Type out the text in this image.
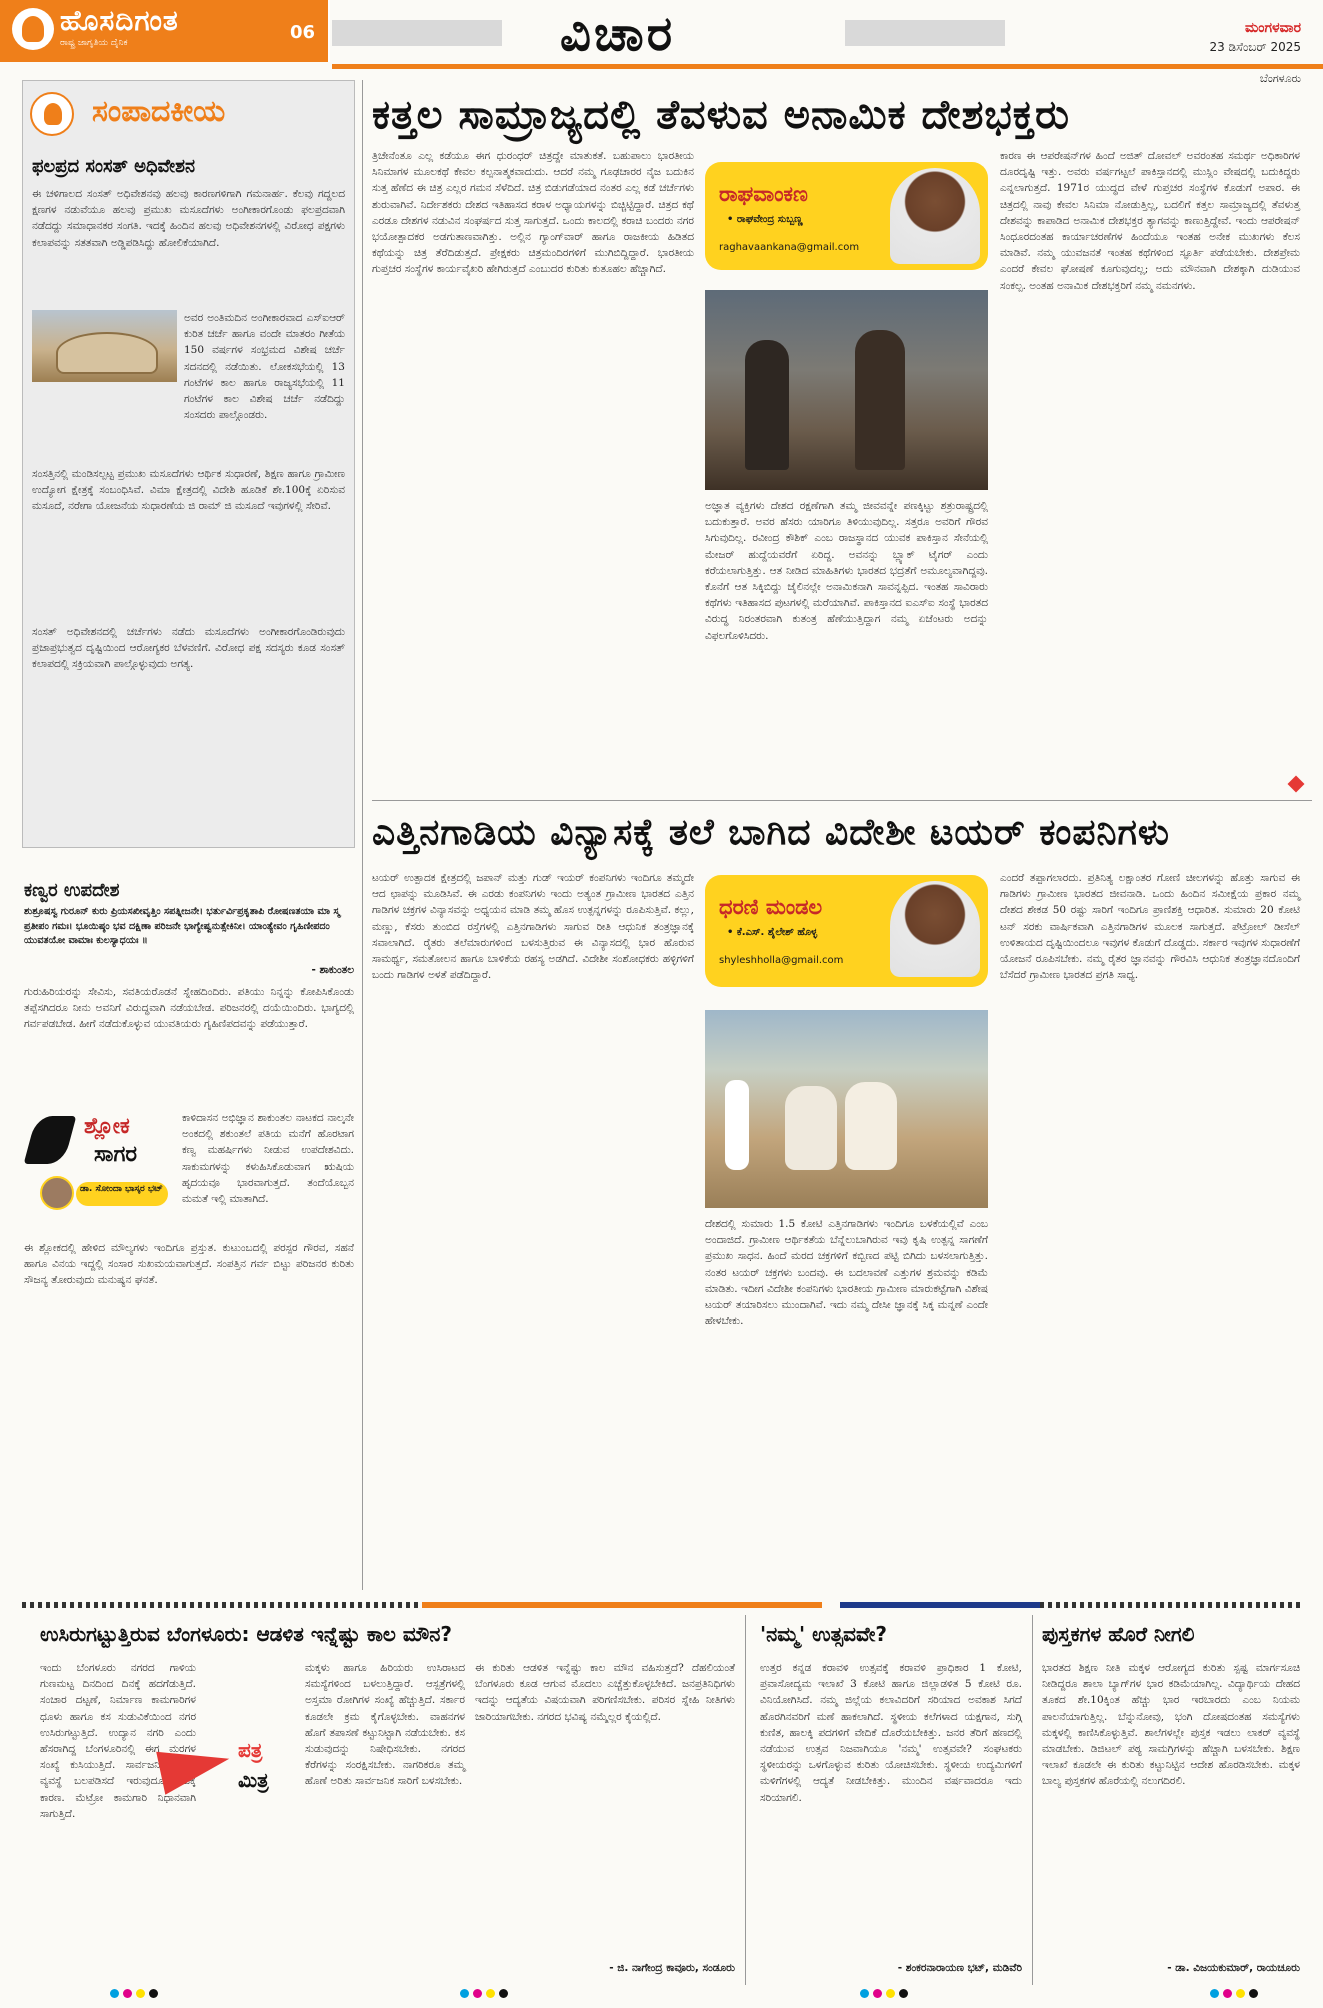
ಹೊಸದಿಗಂತ
ರಾಷ್ಟ್ರ ಜಾಗೃತಿಯ ದೈನಿಕ	06	ವಿಚಾರ	ಮಂಗಳವಾರ
23 ಡಿಸೆಂಬರ್ 2025
ಬೆಂಗಳೂರು
ಸಂಪಾದಕೀಯ
ಫಲಪ್ರದ ಸಂಸತ್ ಅಧಿವೇಶನ
ಈ ಚಳಿಗಾಲದ ಸಂಸತ್ ಅಧಿವೇಶನವು ಹಲವು ಕಾರಣಗಳಿಗಾಗಿ ಗಮನಾರ್ಹ. ಕೆಲವು ಗದ್ದಲದ ಕ್ಷಣಗಳ ನಡುವೆಯೂ ಹಲವು ಪ್ರಮುಖ ಮಸೂದೆಗಳು ಅಂಗೀಕಾರಗೊಂಡು ಫಲಪ್ರದವಾಗಿ ನಡೆದದ್ದು ಸಮಾಧಾನಕರ ಸಂಗತಿ. ಇದಕ್ಕೆ ಹಿಂದಿನ ಹಲವು ಅಧಿವೇಶನಗಳಲ್ಲಿ ವಿರೋಧ ಪಕ್ಷಗಳು ಕಲಾಪವನ್ನು ಸತತವಾಗಿ ಅಡ್ಡಿಪಡಿಸಿದ್ದು ಹೋಲಿಕೆಯಾಗಿದೆ.
ಅವರ ಅಂತಿಮದಿನ ಅಂಗೀಕಾರವಾದ ಎಸ್‌ಐಆರ್ ಕುರಿತ ಚರ್ಚೆ ಹಾಗೂ ವಂದೇ ಮಾತರಂ ಗೀತೆಯ 150 ವರ್ಷಗಳ ಸಂಭ್ರಮದ ವಿಶೇಷ ಚರ್ಚೆ ಸದನದಲ್ಲಿ ನಡೆಯಿತು. ಲೋಕಸಭೆಯಲ್ಲಿ 13 ಗಂಟೆಗಳ ಕಾಲ ಹಾಗೂ ರಾಜ್ಯಸಭೆಯಲ್ಲಿ 11 ಗಂಟೆಗಳ ಕಾಲ ವಿಶೇಷ ಚರ್ಚೆ ನಡೆದಿದ್ದು ಸಂಸದರು ಪಾಲ್ಗೊಂಡರು.
ಸಂಸತ್ತಿನಲ್ಲಿ ಮಂಡಿಸಲ್ಪಟ್ಟ ಪ್ರಮುಖ ಮಸೂದೆಗಳು ಆರ್ಥಿಕ ಸುಧಾರಣೆ, ಶಿಕ್ಷಣ ಹಾಗೂ ಗ್ರಾಮೀಣ ಉದ್ಯೋಗ ಕ್ಷೇತ್ರಕ್ಕೆ ಸಂಬಂಧಿಸಿವೆ. ವಿಮಾ ಕ್ಷೇತ್ರದಲ್ಲಿ ವಿದೇಶಿ ಹೂಡಿಕೆ ಶೇ.100ಕ್ಕೆ ಏರಿಸುವ ಮಸೂದೆ, ನರೇಗಾ ಯೋಜನೆಯ ಸುಧಾರಣೆಯ ಜಿ ರಾಮ್ ಜಿ ಮಸೂದೆ ಇವುಗಳಲ್ಲಿ ಸೇರಿವೆ.
ಸಂಸತ್ ಅಧಿವೇಶನದಲ್ಲಿ ಚರ್ಚೆಗಳು ನಡೆದು ಮಸೂದೆಗಳು ಅಂಗೀಕಾರಗೊಂಡಿರುವುದು ಪ್ರಜಾಪ್ರಭುತ್ವದ ದೃಷ್ಟಿಯಿಂದ ಆರೋಗ್ಯಕರ ಬೆಳವಣಿಗೆ. ವಿರೋಧ ಪಕ್ಷ ಸದಸ್ಯರು ಕೂಡ ಸಂಸತ್ ಕಲಾಪದಲ್ಲಿ ಸಕ್ರಿಯವಾಗಿ ಪಾಲ್ಗೊಳ್ಳುವುದು ಅಗತ್ಯ.
ಕಣ್ವರ ಉಪದೇಶ
ಶುಶ್ರೂಷಸ್ವ ಗುರೂನ್ ಕುರು ಪ್ರಿಯಸಖೀವೃತ್ತಿಂ ಸಪತ್ನೀಜನೇ। ಭರ್ತುರ್ವಿಪ್ರಕೃತಾಪಿ ರೋಷಣತಯಾ ಮಾ ಸ್ಮ ಪ್ರತೀಪಂ ಗಮಃ। ಭೂಯಿಷ್ಠಂ ಭವ ದಕ್ಷಿಣಾ ಪರಿಜನೇ ಭಾಗ್ಯೇಷ್ವನುತ್ಸೇಕಿನೀ। ಯಾಂತ್ಯೇವಂ ಗೃಹಿಣೀಪದಂ ಯುವತಯೋ ವಾಮಾಃ ಕುಲಸ್ಯಾಧಯಃ ॥
- ಶಾಕುಂತಲ
ಗುರುಹಿರಿಯರನ್ನು ಸೇವಿಸು, ಸವತಿಯರೊಡನೆ ಸ್ನೇಹದಿಂದಿರು. ಪತಿಯು ನಿನ್ನನ್ನು ಕೋಪಿಸಿಕೊಂಡು ತಪ್ಪೆಸಗಿದರೂ ನೀನು ಅವನಿಗೆ ವಿರುದ್ಧವಾಗಿ ನಡೆಯಬೇಡ. ಪರಿಜನರಲ್ಲಿ ದಯೆಯಿಂದಿರು. ಭಾಗ್ಯದಲ್ಲಿ ಗರ್ವಪಡಬೇಡ. ಹೀಗೆ ನಡೆದುಕೊಳ್ಳುವ ಯುವತಿಯರು ಗೃಹಿಣಿಪದವನ್ನು ಪಡೆಯುತ್ತಾರೆ.
ಶ್ಲೋಕ
ಸಾಗರ
ಡಾ. ಸೋಂದಾ ಭಾಸ್ಕರ ಭಟ್
ಕಾಳಿದಾಸನ ಅಭಿಜ್ಞಾನ ಶಾಕುಂತಲ ನಾಟಕದ ನಾಲ್ಕನೇ ಅಂಕದಲ್ಲಿ ಶಕುಂತಲೆ ಪತಿಯ ಮನೆಗೆ ಹೊರಟಾಗ ಕಣ್ವ ಮಹರ್ಷಿಗಳು ನೀಡುವ ಉಪದೇಶವಿದು. ಸಾಕುಮಗಳನ್ನು ಕಳುಹಿಸಿಕೊಡುವಾಗ ಋಷಿಯ ಹೃದಯವೂ ಭಾರವಾಗುತ್ತದೆ. ತಂದೆಯೊಬ್ಬನ ಮಮತೆ ಇಲ್ಲಿ ಮಾತಾಗಿದೆ.
ಈ ಶ್ಲೋಕದಲ್ಲಿ ಹೇಳಿದ ಮೌಲ್ಯಗಳು ಇಂದಿಗೂ ಪ್ರಸ್ತುತ. ಕುಟುಂಬದಲ್ಲಿ ಪರಸ್ಪರ ಗೌರವ, ಸಹನೆ ಹಾಗೂ ವಿನಯ ಇದ್ದಲ್ಲಿ ಸಂಸಾರ ಸುಖಮಯವಾಗುತ್ತದೆ. ಸಂಪತ್ತಿನ ಗರ್ವ ಬಿಟ್ಟು ಪರಿಜನರ ಕುರಿತು ಸೌಜನ್ಯ ತೋರುವುದು ಮನುಷ್ಯನ ಘನತೆ.
ಕತ್ತಲ ಸಾಮ್ರಾಜ್ಯದಲ್ಲಿ ತೆವಳುವ ಅನಾಮಿಕ ದೇಶಭಕ್ತರು
ತ್ರಿಚೇನೆಂತೂ ಎಲ್ಲ ಕಡೆಯೂ ಈಗ ಧುರಂಧರ್ ಚಿತ್ರದ್ದೇ ಮಾತುಕತೆ. ಬಹುಪಾಲು ಭಾರತೀಯ ಸಿನಿಮಾಗಳ ಮೂಲಕಥೆ ಕೇವಲ ಕಲ್ಪನಾತ್ಮಕವಾದುದು. ಆದರೆ ನಮ್ಮ ಗೂಢಚಾರರ ನೈಜ ಬದುಕಿನ ಸುತ್ತ ಹೆಣೆದ ಈ ಚಿತ್ರ ಎಲ್ಲರ ಗಮನ ಸೆಳೆದಿದೆ. ಚಿತ್ರ ಬಿಡುಗಡೆಯಾದ ನಂತರ ಎಲ್ಲ ಕಡೆ ಚರ್ಚೆಗಳು ಶುರುವಾಗಿವೆ. ನಿರ್ದೇಶಕರು ದೇಶದ ಇತಿಹಾಸದ ಕರಾಳ ಅಧ್ಯಾಯಗಳನ್ನು ಬಿಚ್ಚಿಟ್ಟಿದ್ದಾರೆ. ಚಿತ್ರದ ಕಥೆ ಎರಡೂ ದೇಶಗಳ ನಡುವಿನ ಸಂಘರ್ಷದ ಸುತ್ತ ಸಾಗುತ್ತದೆ. ಒಂದು ಕಾಲದಲ್ಲಿ ಕರಾಚಿ ಬಂದರು ನಗರ ಭಯೋತ್ಪಾದಕರ ಅಡಗುತಾಣವಾಗಿತ್ತು. ಅಲ್ಲಿನ ಗ್ಯಾಂಗ್‌ವಾರ್ ಹಾಗೂ ರಾಜಕೀಯ ಹಿಡಿತದ ಕಥೆಯನ್ನು ಚಿತ್ರ ತೆರೆದಿಡುತ್ತದೆ. ಪ್ರೇಕ್ಷಕರು ಚಿತ್ರಮಂದಿರಗಳಿಗೆ ಮುಗಿಬಿದ್ದಿದ್ದಾರೆ. ಭಾರತೀಯ ಗುಪ್ತಚರ ಸಂಸ್ಥೆಗಳ ಕಾರ್ಯವೈಖರಿ ಹೇಗಿರುತ್ತದೆ ಎಂಬುದರ ಕುರಿತು ಕುತೂಹಲ ಹೆಚ್ಚಾಗಿದೆ.
ರಾಘವಾಂಕಣ
• ರಾಘವೇಂದ್ರ ಸುಬ್ಬಣ್ಣ
raghavaankana@gmail.com
ಅಜ್ಞಾತ ವ್ಯಕ್ತಿಗಳು ದೇಶದ ರಕ್ಷಣೆಗಾಗಿ ತಮ್ಮ ಜೀವವನ್ನೇ ಪಣಕ್ಕಿಟ್ಟು ಶತ್ರುರಾಷ್ಟ್ರದಲ್ಲಿ ಬದುಕುತ್ತಾರೆ. ಅವರ ಹೆಸರು ಯಾರಿಗೂ ತಿಳಿಯುವುದಿಲ್ಲ. ಸತ್ತರೂ ಅವರಿಗೆ ಗೌರವ ಸಿಗುವುದಿಲ್ಲ. ರವೀಂದ್ರ ಕೌಶಿಕ್ ಎಂಬ ರಾಜಸ್ಥಾನದ ಯುವಕ ಪಾಕಿಸ್ತಾನ ಸೇನೆಯಲ್ಲಿ ಮೇಜರ್ ಹುದ್ದೆಯವರೆಗೆ ಏರಿದ್ದ. ಅವನನ್ನು ಬ್ಲ್ಯಾಕ್ ಟೈಗರ್ ಎಂದು ಕರೆಯಲಾಗುತ್ತಿತ್ತು. ಆತ ನೀಡಿದ ಮಾಹಿತಿಗಳು ಭಾರತದ ಭದ್ರತೆಗೆ ಅಮೂಲ್ಯವಾಗಿದ್ದವು. ಕೊನೆಗೆ ಆತ ಸಿಕ್ಕಿಬಿದ್ದು ಜೈಲಿನಲ್ಲೇ ಅನಾಮಿಕನಾಗಿ ಸಾವನ್ನಪ್ಪಿದ. ಇಂತಹ ಸಾವಿರಾರು ಕಥೆಗಳು ಇತಿಹಾಸದ ಪುಟಗಳಲ್ಲಿ ಮರೆಯಾಗಿವೆ. ಪಾಕಿಸ್ತಾನದ ಐಎಸ್‌ಐ ಸಂಸ್ಥೆ ಭಾರತದ ವಿರುದ್ಧ ನಿರಂತರವಾಗಿ ಕುತಂತ್ರ ಹೆಣೆಯುತ್ತಿದ್ದಾಗ ನಮ್ಮ ಏಜೆಂಟರು ಅದನ್ನು ವಿಫಲಗೊಳಿಸಿದರು.
ಕಾರಣ ಈ ಆಪರೇಷನ್‌ಗಳ ಹಿಂದೆ ಅಜಿತ್ ದೋವಲ್ ಅವರಂತಹ ಸಮರ್ಥ ಅಧಿಕಾರಿಗಳ ದೂರದೃಷ್ಟಿ ಇತ್ತು. ಅವರು ವರ್ಷಗಟ್ಟಲೆ ಪಾಕಿಸ್ತಾನದಲ್ಲಿ ಮುಸ್ಲಿಂ ವೇಷದಲ್ಲಿ ಬದುಕಿದ್ದರು ಎನ್ನಲಾಗುತ್ತದೆ. 1971ರ ಯುದ್ಧದ ವೇಳೆ ಗುಪ್ತಚರ ಸಂಸ್ಥೆಗಳ ಕೊಡುಗೆ ಅಪಾರ. ಈ ಚಿತ್ರದಲ್ಲಿ ನಾವು ಕೇವಲ ಸಿನಿಮಾ ನೋಡುತ್ತಿಲ್ಲ, ಬದಲಿಗೆ ಕತ್ತಲ ಸಾಮ್ರಾಜ್ಯದಲ್ಲಿ ತೆವಳುತ್ತ ದೇಶವನ್ನು ಕಾಪಾಡಿದ ಅನಾಮಿಕ ದೇಶಭಕ್ತರ ತ್ಯಾಗವನ್ನು ಕಾಣುತ್ತಿದ್ದೇವೆ. ಇಂದು ಆಪರೇಷನ್ ಸಿಂಧೂರದಂತಹ ಕಾರ್ಯಾಚರಣೆಗಳ ಹಿಂದೆಯೂ ಇಂತಹ ಅನೇಕ ಮುಖಗಳು ಕೆಲಸ ಮಾಡಿವೆ. ನಮ್ಮ ಯುವಜನತೆ ಇಂತಹ ಕಥೆಗಳಿಂದ ಸ್ಫೂರ್ತಿ ಪಡೆಯಬೇಕು. ದೇಶಪ್ರೇಮ ಎಂದರೆ ಕೇವಲ ಘೋಷಣೆ ಕೂಗುವುದಲ್ಲ; ಅದು ಮೌನವಾಗಿ ದೇಶಕ್ಕಾಗಿ ದುಡಿಯುವ ಸಂಕಲ್ಪ. ಅಂತಹ ಅನಾಮಿಕ ದೇಶಭಕ್ತರಿಗೆ ನಮ್ಮ ನಮನಗಳು.
ಎತ್ತಿನಗಾಡಿಯ ವಿನ್ಯಾಸಕ್ಕೆ ತಲೆ ಬಾಗಿದ ವಿದೇಶೀ ಟಯರ್ ಕಂಪನಿಗಳು
ಟಯರ್ ಉತ್ಪಾದಕ ಕ್ಷೇತ್ರದಲ್ಲಿ ಜಪಾನ್ ಮತ್ತು ಗುಡ್ ಇಯರ್ ಕಂಪನಿಗಳು ಇಂದಿಗೂ ತಮ್ಮದೇ ಆದ ಛಾಪನ್ನು ಮೂಡಿಸಿವೆ. ಈ ಎರಡು ಕಂಪನಿಗಳು ಇಂದು ಅತ್ಯಂತ ಗ್ರಾಮೀಣ ಭಾರತದ ಎತ್ತಿನ ಗಾಡಿಗಳ ಚಕ್ರಗಳ ವಿನ್ಯಾಸವನ್ನು ಅಧ್ಯಯನ ಮಾಡಿ ತಮ್ಮ ಹೊಸ ಉತ್ಪನ್ನಗಳನ್ನು ರೂಪಿಸುತ್ತಿವೆ. ಕಲ್ಲು, ಮಣ್ಣು, ಕೆಸರು ತುಂಬಿದ ರಸ್ತೆಗಳಲ್ಲಿ ಎತ್ತಿನಗಾಡಿಗಳು ಸಾಗುವ ರೀತಿ ಆಧುನಿಕ ತಂತ್ರಜ್ಞಾನಕ್ಕೆ ಸವಾಲಾಗಿದೆ. ರೈತರು ತಲೆಮಾರುಗಳಿಂದ ಬಳಸುತ್ತಿರುವ ಈ ವಿನ್ಯಾಸದಲ್ಲಿ ಭಾರ ಹೊರುವ ಸಾಮರ್ಥ್ಯ, ಸಮತೋಲನ ಹಾಗೂ ಬಾಳಿಕೆಯ ರಹಸ್ಯ ಅಡಗಿದೆ. ವಿದೇಶೀ ಸಂಶೋಧಕರು ಹಳ್ಳಿಗಳಿಗೆ ಬಂದು ಗಾಡಿಗಳ ಅಳತೆ ಪಡೆದಿದ್ದಾರೆ.
ಧರಣಿ ಮಂಡಲ
• ಕೆ.ಎಸ್. ಶೈಲೇಶ್ ಹೊಳ್ಳ
shyleshholla@gmail.com
ದೇಶದಲ್ಲಿ ಸುಮಾರು 1.5 ಕೋಟಿ ಎತ್ತಿನಗಾಡಿಗಳು ಇಂದಿಗೂ ಬಳಕೆಯಲ್ಲಿವೆ ಎಂಬ ಅಂದಾಜಿದೆ. ಗ್ರಾಮೀಣ ಆರ್ಥಿಕತೆಯ ಬೆನ್ನೆಲುಬಾಗಿರುವ ಇವು ಕೃಷಿ ಉತ್ಪನ್ನ ಸಾಗಣೆಗೆ ಪ್ರಮುಖ ಸಾಧನ. ಹಿಂದೆ ಮರದ ಚಕ್ರಗಳಿಗೆ ಕಬ್ಬಿಣದ ಪಟ್ಟಿ ಬಿಗಿದು ಬಳಸಲಾಗುತ್ತಿತ್ತು. ನಂತರ ಟಯರ್ ಚಕ್ರಗಳು ಬಂದವು. ಈ ಬದಲಾವಣೆ ಎತ್ತುಗಳ ಶ್ರಮವನ್ನು ಕಡಿಮೆ ಮಾಡಿತು. ಇದೀಗ ವಿದೇಶೀ ಕಂಪನಿಗಳು ಭಾರತೀಯ ಗ್ರಾಮೀಣ ಮಾರುಕಟ್ಟೆಗಾಗಿ ವಿಶೇಷ ಟಯರ್ ತಯಾರಿಸಲು ಮುಂದಾಗಿವೆ. ಇದು ನಮ್ಮ ದೇಸೀ ಜ್ಞಾನಕ್ಕೆ ಸಿಕ್ಕ ಮನ್ನಣೆ ಎಂದೇ ಹೇಳಬೇಕು.
ಎಂದರೆ ತಪ್ಪಾಗಲಾರದು. ಪ್ರತಿನಿತ್ಯ ಲಕ್ಷಾಂತರ ಗೋಣಿ ಚೀಲಗಳನ್ನು ಹೊತ್ತು ಸಾಗುವ ಈ ಗಾಡಿಗಳು ಗ್ರಾಮೀಣ ಭಾರತದ ಜೀವನಾಡಿ. ಒಂದು ಹಿಂದಿನ ಸಮೀಕ್ಷೆಯ ಪ್ರಕಾರ ನಮ್ಮ ದೇಶದ ಶೇಕಡ 50 ರಷ್ಟು ಸಾರಿಗೆ ಇಂದಿಗೂ ಪ್ರಾಣಿಶಕ್ತಿ ಆಧಾರಿತ. ಸುಮಾರು 20 ಕೋಟಿ ಟನ್ ಸರಕು ವಾರ್ಷಿಕವಾಗಿ ಎತ್ತಿನಗಾಡಿಗಳ ಮೂಲಕ ಸಾಗುತ್ತದೆ. ಪೆಟ್ರೋಲ್ ಡೀಸೆಲ್ ಉಳಿತಾಯದ ದೃಷ್ಟಿಯಿಂದಲೂ ಇವುಗಳ ಕೊಡುಗೆ ದೊಡ್ಡದು. ಸರ್ಕಾರ ಇವುಗಳ ಸುಧಾರಣೆಗೆ ಯೋಜನೆ ರೂಪಿಸಬೇಕು. ನಮ್ಮ ರೈತರ ಜ್ಞಾನವನ್ನು ಗೌರವಿಸಿ ಆಧುನಿಕ ತಂತ್ರಜ್ಞಾನದೊಂದಿಗೆ ಬೆಸೆದರೆ ಗ್ರಾಮೀಣ ಭಾರತದ ಪ್ರಗತಿ ಸಾಧ್ಯ.
ಉಸಿರುಗಟ್ಟುತ್ತಿರುವ ಬೆಂಗಳೂರು: ಆಡಳಿತ ಇನ್ನೆಷ್ಟು ಕಾಲ ಮೌನ?
ಇಂದು ಬೆಂಗಳೂರು ನಗರದ ಗಾಳಿಯ ಗುಣಮಟ್ಟ ದಿನದಿಂದ ದಿನಕ್ಕೆ ಹದಗೆಡುತ್ತಿದೆ. ಸಂಚಾರ ದಟ್ಟಣೆ, ನಿರ್ಮಾಣ ಕಾಮಗಾರಿಗಳ ಧೂಳು ಹಾಗೂ ಕಸ ಸುಡುವಿಕೆಯಿಂದ ನಗರ ಉಸಿರುಗಟ್ಟುತ್ತಿದೆ. ಉದ್ಯಾನ ನಗರಿ ಎಂದು ಹೆಸರಾಗಿದ್ದ ಬೆಂಗಳೂರಿನಲ್ಲಿ ಈಗ ಮರಗಳ ಸಂಖ್ಯೆ ಕುಸಿಯುತ್ತಿದೆ. ಸಾರ್ವಜನಿಕ ಸಾರಿಗೆ ವ್ಯವಸ್ಥೆ ಬಲಪಡಿಸದೆ ಇರುವುದೂ ಇದಕ್ಕೆ ಕಾರಣ. ಮೆಟ್ರೋ ಕಾಮಗಾರಿ ನಿಧಾನವಾಗಿ ಸಾಗುತ್ತಿದೆ.
ಪತ್ರ
ಮಿತ್ರ
ಮಕ್ಕಳು ಹಾಗೂ ಹಿರಿಯರು ಉಸಿರಾಟದ ಸಮಸ್ಯೆಗಳಿಂದ ಬಳಲುತ್ತಿದ್ದಾರೆ. ಆಸ್ಪತ್ರೆಗಳಲ್ಲಿ ಅಸ್ತಮಾ ರೋಗಿಗಳ ಸಂಖ್ಯೆ ಹೆಚ್ಚುತ್ತಿದೆ. ಸರ್ಕಾರ ಕೂಡಲೇ ಕ್ರಮ ಕೈಗೊಳ್ಳಬೇಕು. ವಾಹನಗಳ ಹೊಗೆ ತಪಾಸಣೆ ಕಟ್ಟುನಿಟ್ಟಾಗಿ ನಡೆಯಬೇಕು. ಕಸ ಸುಡುವುದನ್ನು ನಿಷೇಧಿಸಬೇಕು. ನಗರದ ಕೆರೆಗಳನ್ನು ಸಂರಕ್ಷಿಸಬೇಕು. ನಾಗರಿಕರೂ ತಮ್ಮ ಹೊಣೆ ಅರಿತು ಸಾರ್ವಜನಿಕ ಸಾರಿಗೆ ಬಳಸಬೇಕು.
ಈ ಕುರಿತು ಆಡಳಿತ ಇನ್ನೆಷ್ಟು ಕಾಲ ಮೌನ ವಹಿಸುತ್ತದೆ? ದೆಹಲಿಯಂತೆ ಬೆಂಗಳೂರು ಕೂಡ ಆಗುವ ಮೊದಲು ಎಚ್ಚೆತ್ತುಕೊಳ್ಳಬೇಕಿದೆ. ಜನಪ್ರತಿನಿಧಿಗಳು ಇದನ್ನು ಆದ್ಯತೆಯ ವಿಷಯವಾಗಿ ಪರಿಗಣಿಸಬೇಕು. ಪರಿಸರ ಸ್ನೇಹಿ ನೀತಿಗಳು ಜಾರಿಯಾಗಬೇಕು. ನಗರದ ಭವಿಷ್ಯ ನಮ್ಮೆಲ್ಲರ ಕೈಯಲ್ಲಿದೆ.
- ಜಿ. ನಾಗೇಂದ್ರ ಕಾವೂರು, ಸಂಡೂರು
'ನಮ್ಮ' ಉತ್ಸವವೇ?
ಉತ್ತರ ಕನ್ನಡ ಕರಾವಳಿ ಉತ್ಸವಕ್ಕೆ ಕರಾವಳಿ ಪ್ರಾಧಿಕಾರ 1 ಕೋಟಿ, ಪ್ರವಾಸೋದ್ಯಮ ಇಲಾಖೆ 3 ಕೋಟಿ ಹಾಗೂ ಜಿಲ್ಲಾಡಳಿತ 5 ಕೋಟಿ ರೂ. ವಿನಿಯೋಗಿಸಿದೆ. ನಮ್ಮ ಜಿಲ್ಲೆಯ ಕಲಾವಿದರಿಗೆ ಸರಿಯಾದ ಅವಕಾಶ ಸಿಗದೆ ಹೊರಗಿನವರಿಗೆ ಮಣೆ ಹಾಕಲಾಗಿದೆ. ಸ್ಥಳೀಯ ಕಲೆಗಳಾದ ಯಕ್ಷಗಾನ, ಸುಗ್ಗಿ ಕುಣಿತ, ಹಾಲಕ್ಕಿ ಪದಗಳಿಗೆ ವೇದಿಕೆ ದೊರೆಯಬೇಕಿತ್ತು. ಜನರ ತೆರಿಗೆ ಹಣದಲ್ಲಿ ನಡೆಯುವ ಉತ್ಸವ ನಿಜವಾಗಿಯೂ 'ನಮ್ಮ' ಉತ್ಸವವೇ? ಸಂಘಟಕರು ಸ್ಥಳೀಯರನ್ನು ಒಳಗೊಳ್ಳುವ ಕುರಿತು ಯೋಚಿಸಬೇಕು. ಸ್ಥಳೀಯ ಉದ್ಯಮಿಗಳಿಗೆ ಮಳಿಗೆಗಳಲ್ಲಿ ಆದ್ಯತೆ ನೀಡಬೇಕಿತ್ತು. ಮುಂದಿನ ವರ್ಷವಾದರೂ ಇದು ಸರಿಯಾಗಲಿ.
- ಶಂಕರನಾರಾಯಣ ಭಟ್, ಮಡಿವೆರಿ
ಪುಸ್ತಕಗಳ ಹೊರೆ ನೀಗಲಿ
ಭಾರತದ ಶಿಕ್ಷಣ ನೀತಿ ಮಕ್ಕಳ ಆರೋಗ್ಯದ ಕುರಿತು ಸ್ಪಷ್ಟ ಮಾರ್ಗಸೂಚಿ ನೀಡಿದ್ದರೂ ಶಾಲಾ ಬ್ಯಾಗ್‌ಗಳ ಭಾರ ಕಡಿಮೆಯಾಗಿಲ್ಲ. ವಿದ್ಯಾರ್ಥಿಯ ದೇಹದ ತೂಕದ ಶೇ.10ಕ್ಕಿಂತ ಹೆಚ್ಚು ಭಾರ ಇರಬಾರದು ಎಂಬ ನಿಯಮ ಪಾಲನೆಯಾಗುತ್ತಿಲ್ಲ. ಬೆನ್ನುನೋವು, ಭಂಗಿ ದೋಷದಂತಹ ಸಮಸ್ಯೆಗಳು ಮಕ್ಕಳಲ್ಲಿ ಕಾಣಿಸಿಕೊಳ್ಳುತ್ತಿವೆ. ಶಾಲೆಗಳಲ್ಲೇ ಪುಸ್ತಕ ಇಡಲು ಲಾಕರ್ ವ್ಯವಸ್ಥೆ ಮಾಡಬೇಕು. ಡಿಜಿಟಲ್ ಪಠ್ಯ ಸಾಮಗ್ರಿಗಳನ್ನು ಹೆಚ್ಚಾಗಿ ಬಳಸಬೇಕು. ಶಿಕ್ಷಣ ಇಲಾಖೆ ಕೂಡಲೇ ಈ ಕುರಿತು ಕಟ್ಟುನಿಟ್ಟಿನ ಆದೇಶ ಹೊರಡಿಸಬೇಕು. ಮಕ್ಕಳ ಬಾಲ್ಯ ಪುಸ್ತಕಗಳ ಹೊರೆಯಲ್ಲಿ ನಲುಗದಿರಲಿ.
- ಡಾ. ವಿಜಯಕುಮಾರ್, ರಾಯಚೂರು
